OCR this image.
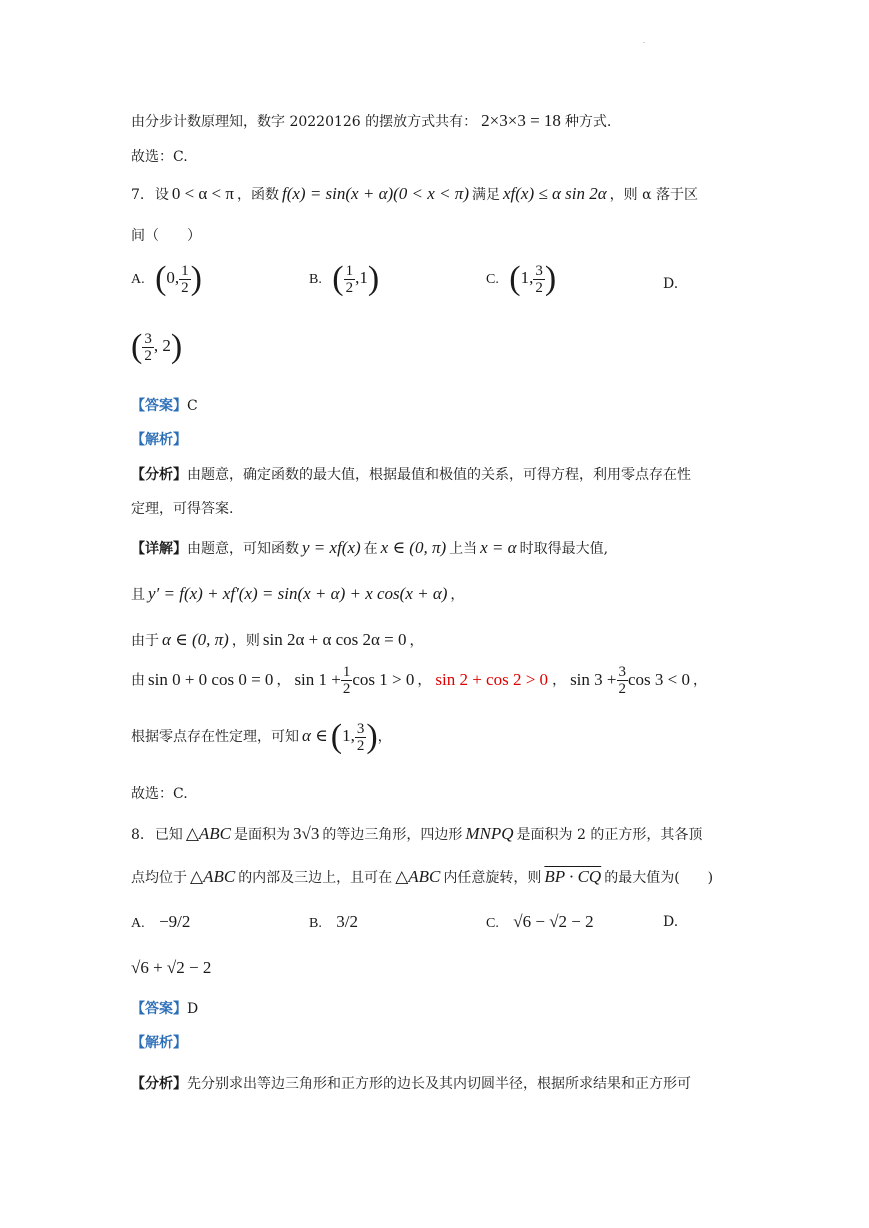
.
由分步计数原理知，数字 20220126 的摆放方式共有： 2×3×3 = 18 种方式.
故选：C.
7. 设 0 < α < π ，函数 f(x) = sin(x + α)(0 < x < π) 满足 xf(x) ≤ α sin 2α ，则 α 落于区
间（　　）
A. (0, $\frac{1}{2}$ )	B. ( $\frac{1}{2} ,1$)	C. (1, $\frac{3}{2}$ )	D.
( $\frac{3}{2}$ , 2)
【答案】C
【解析】
【分析】由题意，确定函数的最大值，根据最值和极值的关系，可得方程，利用零点存在性
定理，可得答案.
【详解】由题意，可知函数 y = xf(x) 在 x ∈ (0, π) 上当 x = α 时取得最大值,
且 y′ = f(x) + xf′(x) = sin(x + α) + x cos(x + α) ，
由于 α ∈ (0, π) ，则 sin 2α + α cos 2α = 0 ，
由 sin 0 + 0 cos 0 = 0 ， $\sin 1 + \frac{1}{2}$ cos 1 > 0 ， sin 2 + cos 2 > 0 ， $\sin 3 + \frac{3}{2}$ cos 3 < 0 ，
根据零点存在性定理，可知 α ∈(1, $\frac{3}{2}$ )，
故选：C.
8. 已知 △ABC 是面积为 3√3 的等边三角形，四边形 MNPQ 是面积为 2 的正方形，其各顶
点均位于 △ABC 的内部及三边上，且可在 △ABC 内任意旋转，则 BP · CQ 的最大值为(　　)
A. −9/2	B. 3/2	C. √6 − √2 − 2	D.
√6 + √2 − 2
【答案】D
【解析】
【分析】先分别求出等边三角形和正方形的边长及其内切圆半径，根据所求结果和正方形可
